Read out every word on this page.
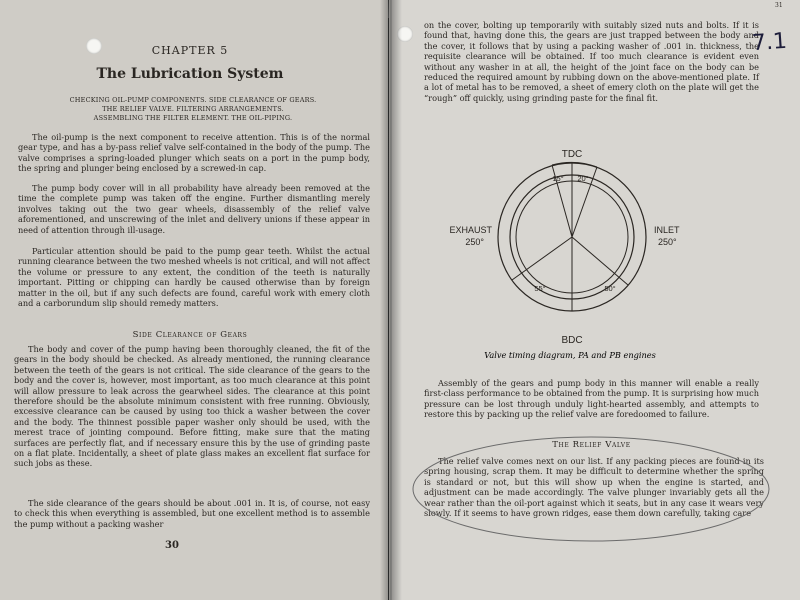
CHAPTER 5
The Lubrication System
CHECKING OIL-PUMP COMPONENTS. SIDE CLEARANCE OF GEARS.
THE RELIEF VALVE. FILTERING ARRANGEMENTS.
ASSEMBLING THE FILTER ELEMENT. THE OIL-PIPING.

The oil-pump is the next component to receive attention. This is of the normal gear type, and has a by-pass relief valve self-contained in the body of the pump. The valve comprises a spring-loaded plunger which seats on a port in the pump body, the spring and plunger being enclosed by a screwed-in cap.

The pump body cover will in all probability have already been removed at the time the complete pump was taken off the engine. Further dismantling merely involves taking out the two gear wheels, disassembly of the relief valve aforementioned, and unscrewing of the inlet and delivery unions if these appear in need of attention through ill-usage.

Particular attention should be paid to the pump gear teeth. Whilst the actual running clearance between the two meshed wheels is not critical, and will not affect the volume or pressure to any extent, the condition of the teeth is naturally important. Pitting or chipping can hardly be caused otherwise than by foreign matter in the oil, but if any such defects are found, careful work with emery cloth and a carborundum slip should remedy matters.

Side Clearance of Gears

The body and cover of the pump having been thoroughly cleaned, the fit of the gears in the body should be checked. As already mentioned, the running clearance between the teeth of the gears is not critical. The side clearance of the gears to the body and the cover is, however, most important, as too much clearance at this point will allow pressure to leak across the gearwheel sides. The clearance at this point therefore should be the absolute minimum consistent with free running. Obviously, excessive clearance can be caused by using too thick a washer between the cover and the body. The thinnest possible paper washer only should be used, with the merest trace of jointing compound. Before fitting, make sure that the mating surfaces are perfectly flat, and if necessary ensure this by the use of grinding paste on a flat plate. Incidentally, a sheet of plate glass makes an excellent flat surface for such jobs as these.

The side clearance of the gears should be about .001 in. It is, of course, not easy to check this when everything is assembled, but one excellent method is to assemble the pump without a packing washer

30
31

on the cover, bolting up temporarily with suitably sized nuts and bolts. If it is found that, having done this, the gears are just trapped between the body and the cover, it follows that by using a packing washer of .001 in. thickness, the requisite clearance will be obtained. If too much clearance is evident even without any washer in at all, the height of the joint face on the body can be reduced the required amount by rubbing down on the above-mentioned plate. If a lot of metal has to be removed, a sheet of emery cloth on the plate will get the “rough” off quickly, using grinding paste for the final fit.

Assembly of the gears and pump body in this manner will enable a really first-class performance to be obtained from the pump. It is surprising how much pressure can be lost through unduly light-hearted assembly, and attempts to restore this by packing up the relief valve are foredoomed to failure.

The Relief Valve

The relief valve comes next on our list. If any packing pieces are found in its spring housing, scrap them. It may be difficult to determine whether the spring is standard or not, but this will show up when the engine is started, and adjustment can be made accordingly. The valve plunger invariably gets all the wear rather than the oil-port against which it seats, but in any case it wears very slowly. If it seems to have grown ridges, ease them down carefully, taking care

TDC
BDC
EXHAUST
250°
INLET
250°
15° 20°
55°	50°
Valve timing diagram, PA and PB engines
7.1
